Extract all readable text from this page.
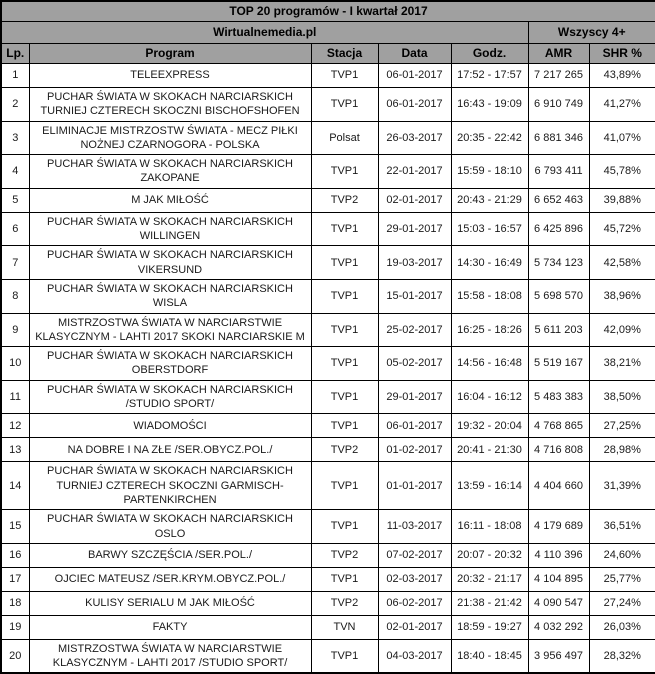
TOP 20 programów - I kwartał 2017						
Wirtualnemedia.pl					Wszyscy 4+	
Lp.	Program	Stacja	Data	Godz.	AMR	SHR %
1	TELEEXPRESS	TVP1	06-01-2017	17:52 - 17:57	7 217 265	43,89%
2	PUCHAR ŚWIATA W SKOKACH NARCIARSKICH TURNIEJ CZTERECH SKOCZNI BISCHOFSHOFEN	TVP1	06-01-2017	16:43 - 19:09	6 910 749	41,27%
3	ELIMINACJE MISTRZOSTW ŚWIATA - MECZ PIŁKI NOŻNEJ CZARNOGORA - POLSKA	Polsat	26-03-2017	20:35 - 22:42	6 881 346	41,07%
4	PUCHAR ŚWIATA W SKOKACH NARCIARSKICH ZAKOPANE	TVP1	22-01-2017	15:59 - 18:10	6 793 411	45,78%
5	M JAK MIŁOŚĆ	TVP2	02-01-2017	20:43 - 21:29	6 652 463	39,88%
6	PUCHAR ŚWIATA W SKOKACH NARCIARSKICH WILLINGEN	TVP1	29-01-2017	15:03 - 16:57	6 425 896	45,72%
7	PUCHAR ŚWIATA W SKOKACH NARCIARSKICH VIKERSUND	TVP1	19-03-2017	14:30 - 16:49	5 734 123	42,58%
8	PUCHAR ŚWIATA W SKOKACH NARCIARSKICH WISLA	TVP1	15-01-2017	15:58 - 18:08	5 698 570	38,96%
9	MISTRZOSTWA ŚWIATA W NARCIARSTWIE KLASYCZNYM - LAHTI 2017 SKOKI NARCIARSKIE M	TVP1	25-02-2017	16:25 - 18:26	5 611 203	42,09%
10	PUCHAR ŚWIATA W SKOKACH NARCIARSKICH OBERSTDORF	TVP1	05-02-2017	14:56 - 16:48	5 519 167	38,21%
11	PUCHAR ŚWIATA W SKOKACH NARCIARSKICH /STUDIO SPORT/	TVP1	29-01-2017	16:04 - 16:12	5 483 383	38,50%
12	WIADOMOŚCI	TVP1	06-01-2017	19:32 - 20:04	4 768 865	27,25%
13	NA DOBRE I NA ZŁE /SER.OBYCZ.POL./	TVP2	01-02-2017	20:41 - 21:30	4 716 808	28,98%
14	PUCHAR ŚWIATA W SKOKACH NARCIARSKICH TURNIEJ CZTERECH SKOCZNI GARMISCH-PARTENKIRCHEN	TVP1	01-01-2017	13:59 - 16:14	4 404 660	31,39%
15	PUCHAR ŚWIATA W SKOKACH NARCIARSKICH OSLO	TVP1	11-03-2017	16:11 - 18:08	4 179 689	36,51%
16	BARWY SZCZĘŚCIA /SER.POL./	TVP2	07-02-2017	20:07 - 20:32	4 110 396	24,60%
17	OJCIEC MATEUSZ /SER.KRYM.OBYCZ.POL./	TVP1	02-03-2017	20:32 - 21:17	4 104 895	25,77%
18	KULISY SERIALU M JAK MIŁOŚĆ	TVP2	06-02-2017	21:38 - 21:42	4 090 547	27,24%
19	FAKTY	TVN	02-01-2017	18:59 - 19:27	4 032 292	26,03%
20	MISTRZOSTWA ŚWIATA W NARCIARSTWIE KLASYCZNYM - LAHTI 2017 /STUDIO SPORT/	TVP1	04-03-2017	18:40 - 18:45	3 956 497	28,32%
